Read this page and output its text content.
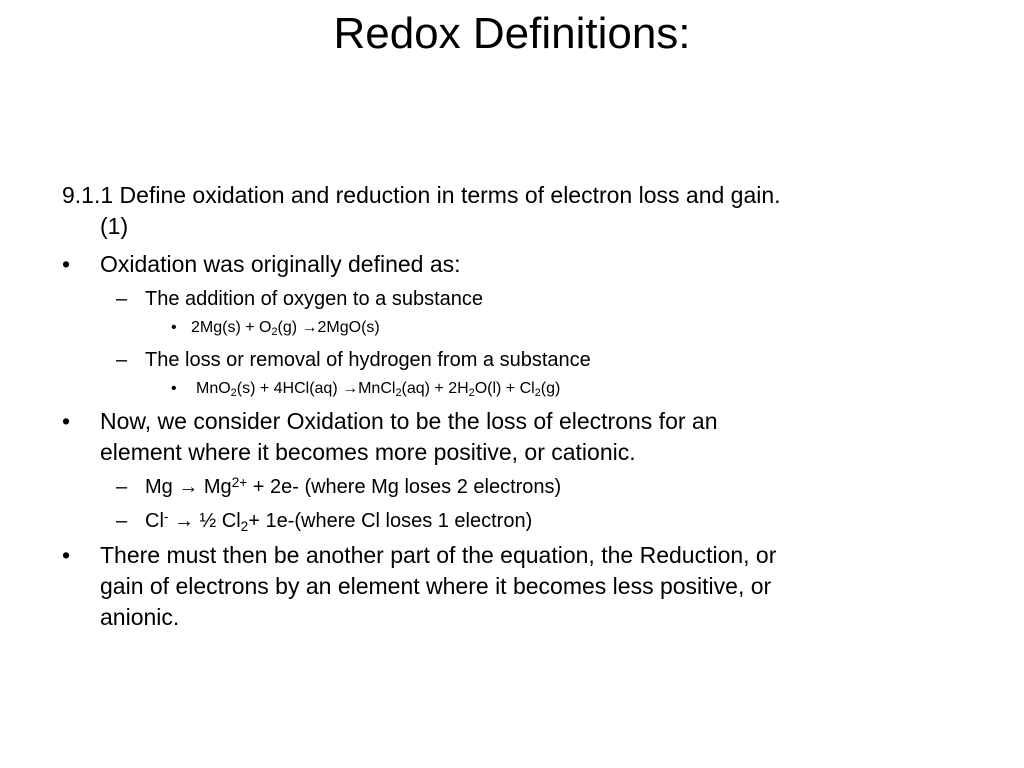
Redox Definitions:
9.1.1 Define oxidation and reduction in terms of electron loss and gain.
(1)
•	Oxidation was originally defined as:
– The addition of oxygen to a substance
• $2Mg(s) + O_2(g) \to 2MgO(s)$
– The loss or removal of hydrogen from a substance
•	MnO$_2$(s) + 4HCl(aq) →MnCl$_2$(aq) + $2H_2O(l) + Cl_2(g)$
•	Now, we consider Oxidation to be the loss of electrons for an
element where it becomes more positive, or cationic.
– $Mg \to Mg^{2+} + 2e-$ (where Mg loses 2 electrons)
– Cl- → ½ $Cl_2+$ 1e-(where Cl loses 1 electron)
•	There must then be another part of the equation, the Reduction, or
gain of electrons by an element where it becomes less positive, or
anionic.
